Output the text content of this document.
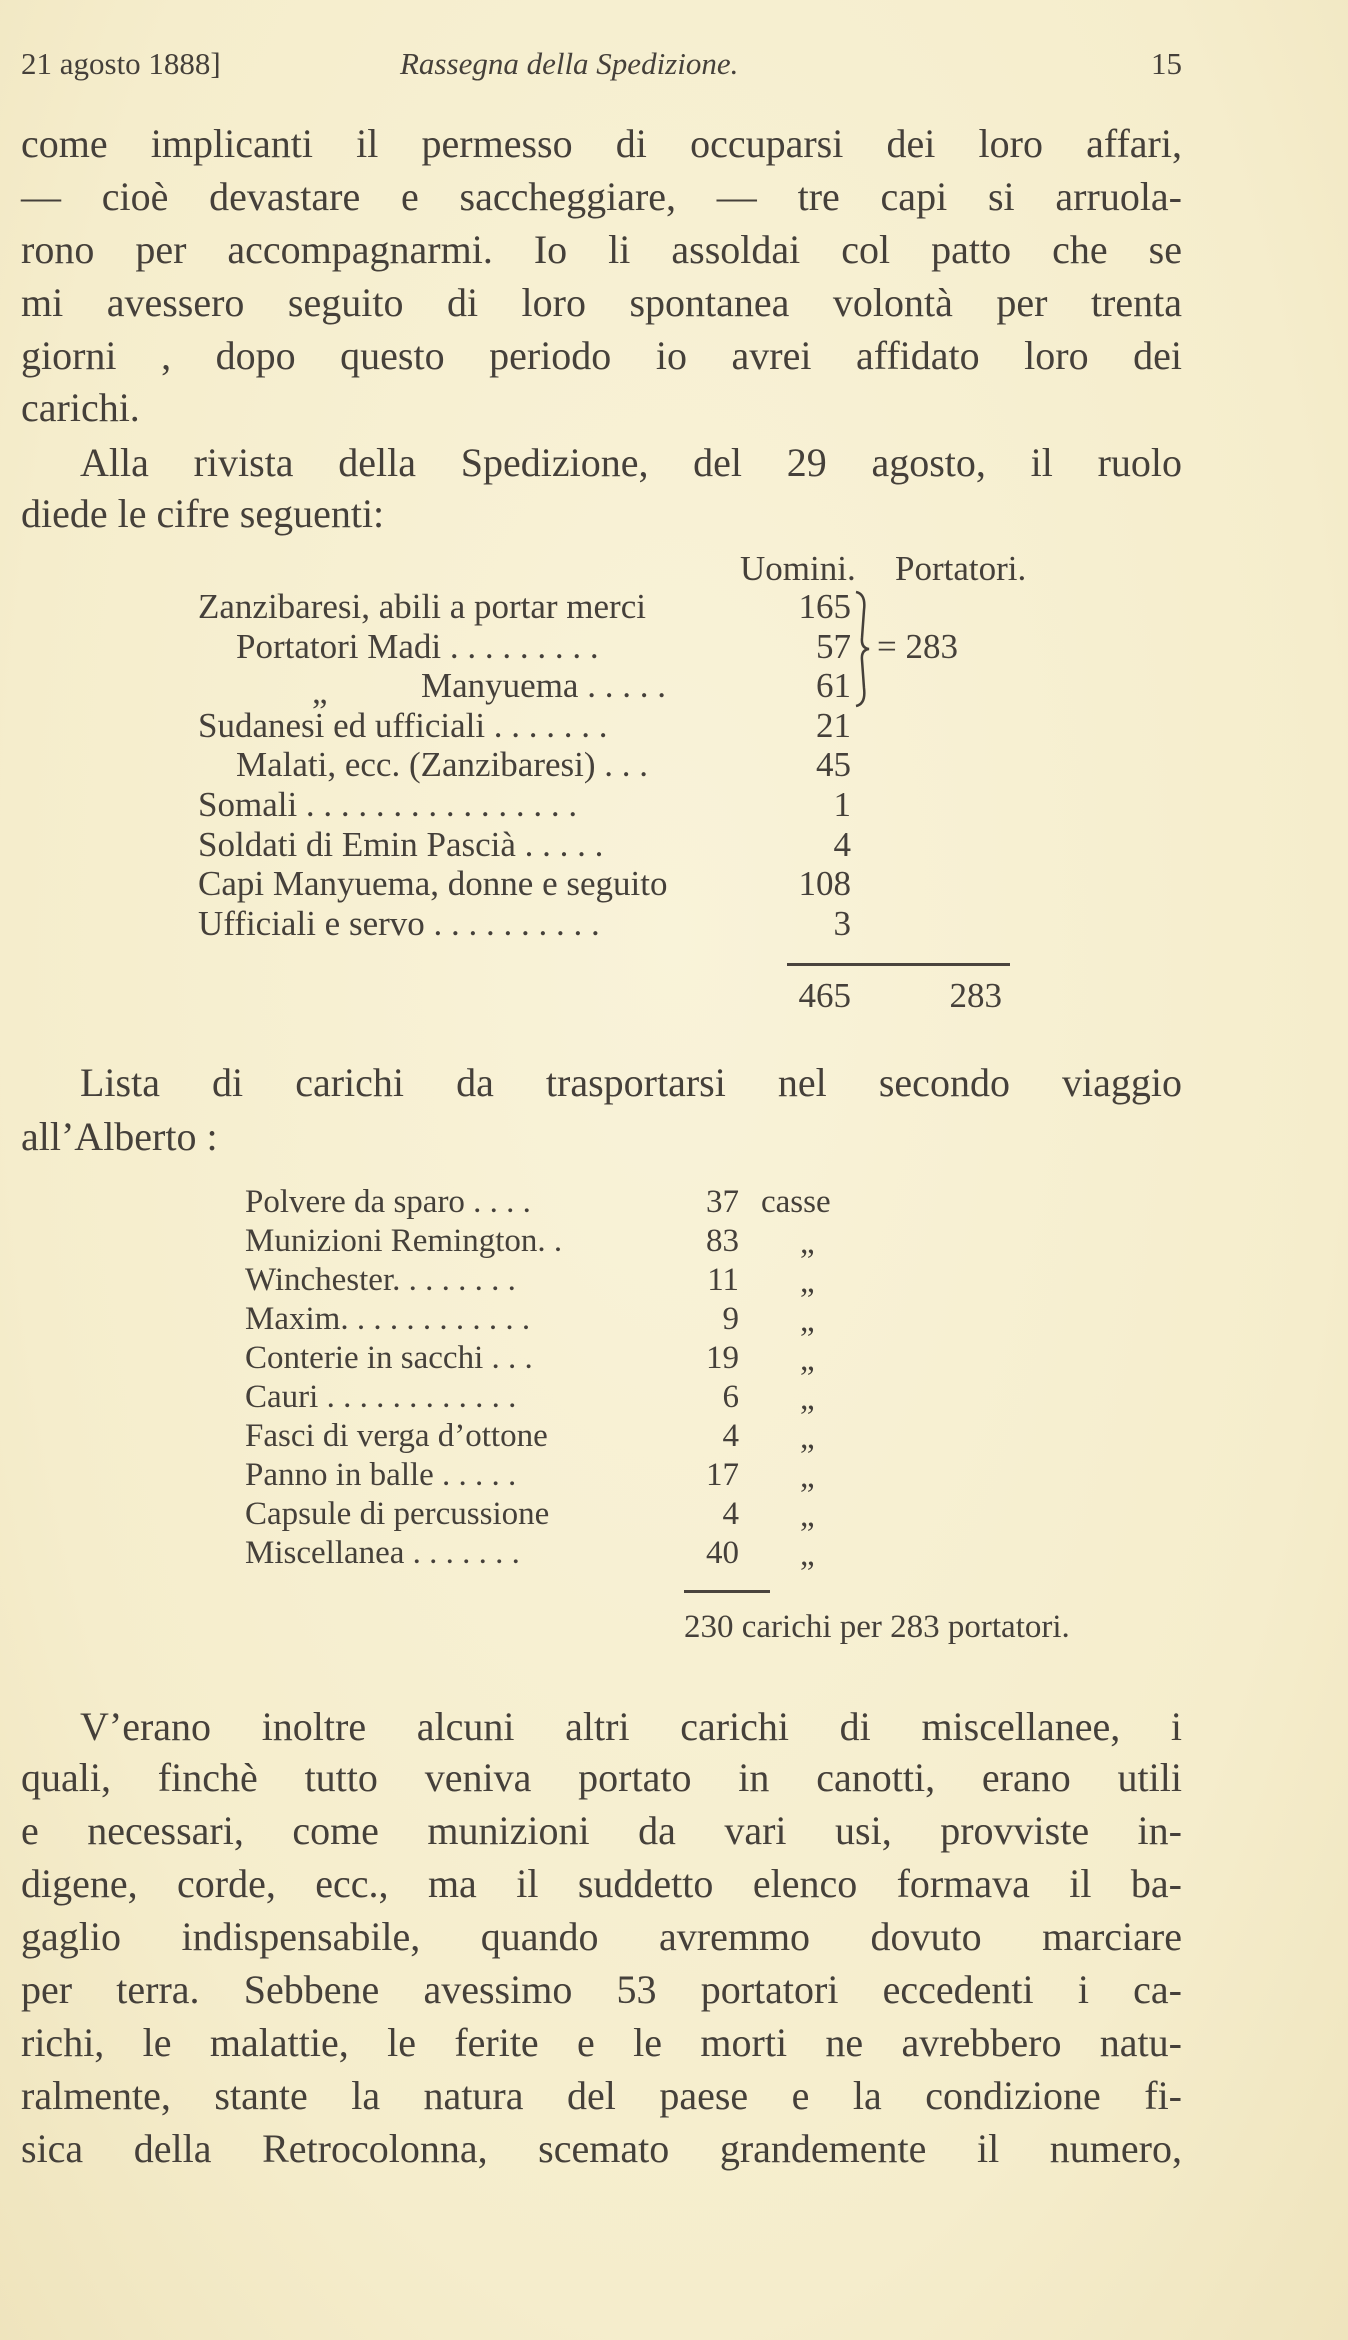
21 agosto 1888]	Rassegna della Spedizione.	15
come implicanti il permesso di occuparsi dei loro affari,
— cioè devastare e saccheggiare, — tre capi si arruola-
rono per accompagnarmi. Io li assoldai col patto che se
mi avessero seguito di loro spontanea volontà per trenta
giorni , dopo questo periodo io avrei affidato loro dei
carichi.
Alla rivista della Spedizione, del 29 agosto, il ruolo
diede le cifre seguenti:
Uomini. Portatori.
Zanzibaresi, abili a portar merci	165
Portatori Madi . . . . . . . . .	57
„	Manyuema . . . . .	61
Sudanesi ed ufficiali . . . . . . .	21
Malati, ecc. (Zanzibaresi) . . .	45
Somali . . . . . . . . . . . . . . . .	1
Soldati di Emin Pascià . . . . .	4
Capi Manyuema, donne e seguito	108
Ufficiali e servo . . . . . . . . . .	3
= 283
465	283
Lista di carichi da trasportarsi nel secondo viaggio
all’Alberto :
Polvere da sparo . . . .	37 casse
Munizioni Remington. .	83 „
Winchester. . . . . . . .	11 „
Maxim. . . . . . . . . . . .	9 „
Conterie in sacchi . . .	19 „
Cauri . . . . . . . . . . . .	6 „
Fasci di verga d’ottone	4 „
Panno in balle . . . . .	17 „
Capsule di percussione	4 „
Miscellanea . . . . . . .	40 „
230 carichi per 283 portatori.
V’erano inoltre alcuni altri carichi di miscellanee, i
quali, finchè tutto veniva portato in canotti, erano utili
e necessari, come munizioni da vari usi, provviste in-
digene, corde, ecc., ma il suddetto elenco formava il ba-
gaglio indispensabile, quando avremmo dovuto marciare
per terra. Sebbene avessimo 53 portatori eccedenti i ca-
richi, le malattie, le ferite e le morti ne avrebbero natu-
ralmente, stante la natura del paese e la condizione fi-
sica della Retrocolonna, scemato grandemente il numero,
